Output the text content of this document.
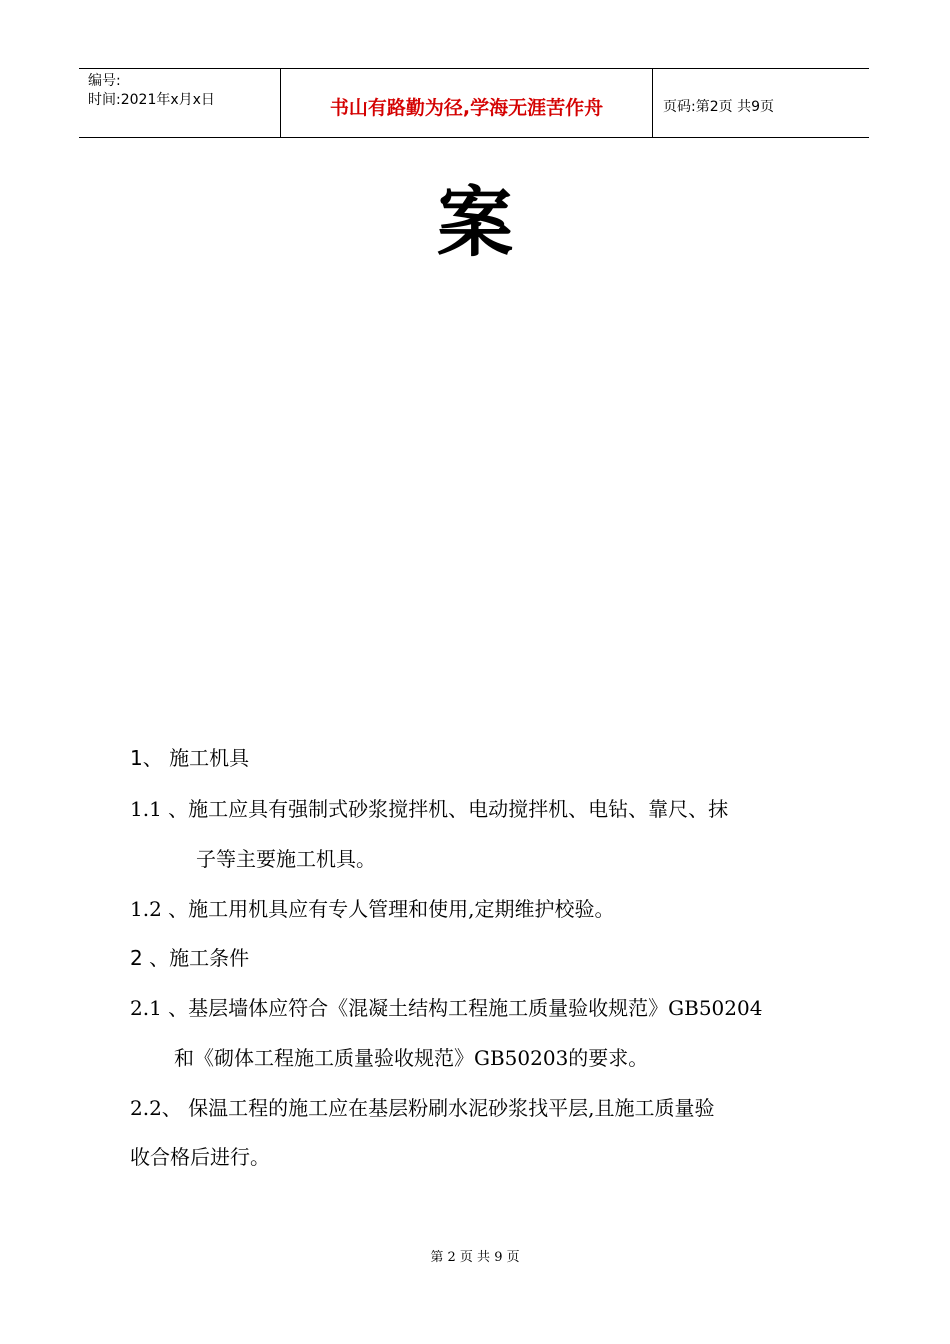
编号:
时间:2021年x月x日	书山有路勤为径,学海无涯苦作舟	页码:第2页 共9页
案
1、 施工机具
1.1 、施工应具有强制式砂浆搅拌机、电动搅拌机、电钻、靠尺、抹
子等主要施工机具。
1.2 、施工用机具应有专人管理和使用,定期维护校验。
2 、施工条件
2.1 、基层墙体应符合《混凝土结构工程施工质量验收规范》GB50204
和《砌体工程施工质量验收规范》GB50203的要求。
2.2、 保温工程的施工应在基层粉刷水泥砂浆找平层,且施工质量验
收合格后进行。
第 2 页 共 9 页
